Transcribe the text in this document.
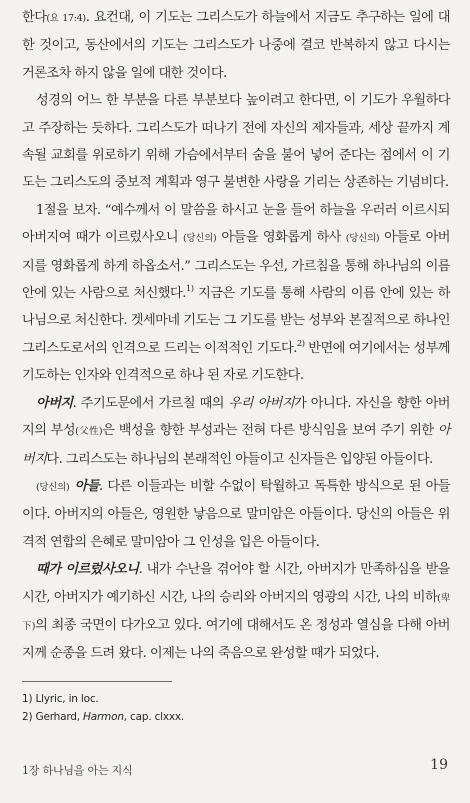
한다(요 17:4). 요컨대, 이 기도는 그리스도가 하늘에서 지금도 추구하는 일에 대한 것이고, 동산에서의 기도는 그리스도가 나중에 결코 반복하지 않고 다시는 거론조차 하지 않을 일에 대한 것이다.

성경의 어느 한 부분을 다른 부분보다 높이려고 한다면, 이 기도가 우월하다고 주장하는 듯하다. 그리스도가 떠나기 전에 자신의 제자들과, 세상 끝까지 계속될 교회를 위로하기 위해 가슴에서부터 숨을 불어 넣어 준다는 점에서 이 기도는 그리스도의 중보적 계획과 영구 불변한 사랑을 기리는 상존하는 기념비다.

1절을 보자. “예수께서 이 말씀을 하시고 눈을 들어 하늘을 우러러 이르시되 아버지여 때가 이르렀사오니 (당신의) 아들을 영화롭게 하사 (당신의) 아들로 아버지를 영화롭게 하게 하옵소서.” 그리스도는 우선, 가르침을 통해 하나님의 이름 안에 있는 사람으로 처신했다.$^{1)}$ 지금은 기도를 통해 사람의 이름 안에 있는 하나님으로 처신한다. 겟세마네 기도는 그 기도를 받는 성부와 본질적으로 하나인 그리스도로서의 인격으로 드리는 이적적인 기도다.$^{2)}$ 반면에 여기에서는 성부께 기도하는 인자와 인격적으로 하나 된 자로 기도한다.

아버지. 주기도문에서 가르칠 때의 우리 아버지가 아니다. 자신을 향한 아버지의 부성(父性)은 백성을 향한 부성과는 전혀 다른 방식임을 보여 주기 위한 아버지다. 그리스도는 하나님의 본래적인 아들이고 신자들은 입양된 아들이다.

(당신의) 아들. 다른 이들과는 비할 수없이 탁월하고 독특한 방식으로 된 아들이다. 아버지의 아들은, 영원한 낳음으로 말미암은 아들이다. 당신의 아들은 위격적 연합의 은혜로 말미암아 그 인성을 입은 아들이다.

때가 이르렀사오니. 내가 수난을 겪어야 할 시간, 아버지가 만족하심을 받을 시간, 아버지가 예기하신 시간, 나의 승리와 아버지의 영광의 시간, 나의 비하(卑下)의 최종 국면이 다가오고 있다. 여기에 대해서도 온 정성과 열심을 다해 아버지께 순종을 드려 왔다. 이제는 나의 죽음으로 완성할 때가 되었다.

1) Llyric, in loc.
2) Gerhard, Harmon, cap. clxxx.
1장 하나님을 아는 지식	19
